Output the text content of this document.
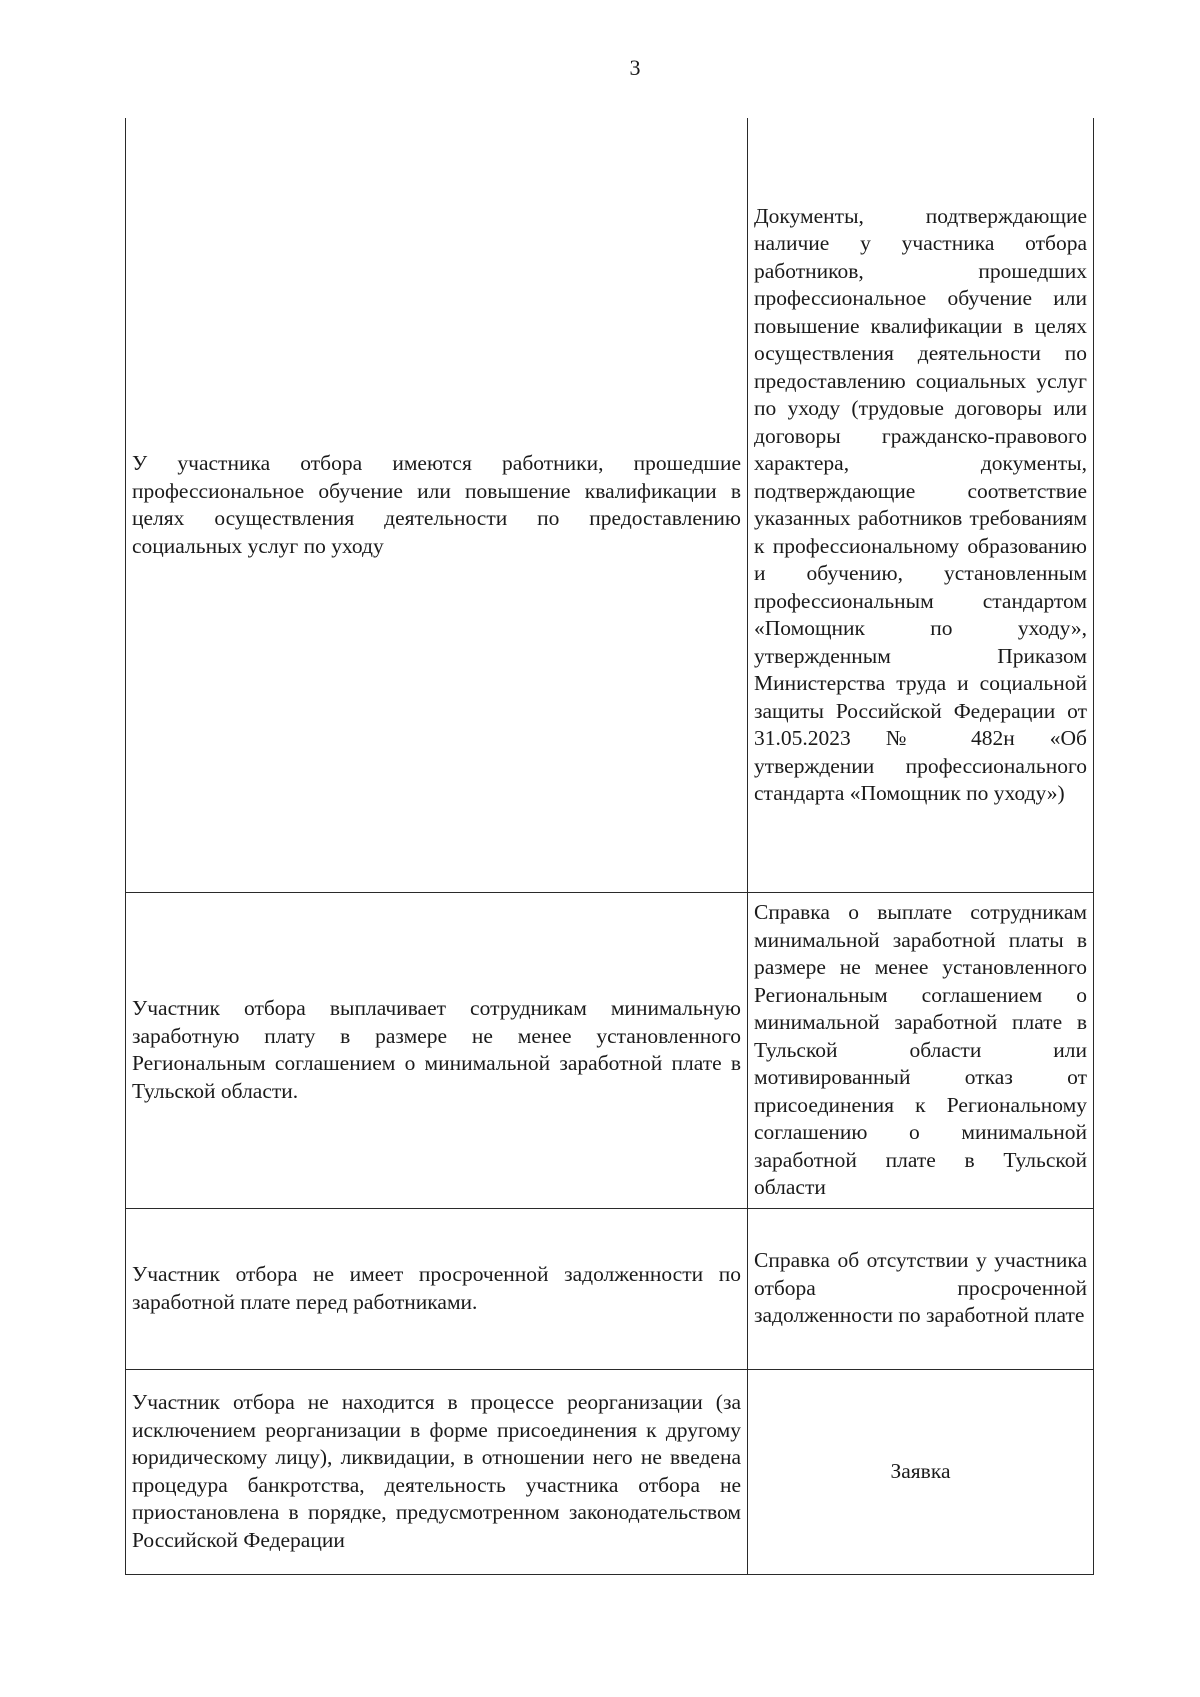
3
У участника отбора имеются работники, прошедшие профессиональное обучение или повышение квалификации в целях осуществления деятельности по предоставлению социальных услуг по уходу	Документы, подтверждающие наличие у участника отбора работников, прошедших профессиональное обучение или повышение квалификации в целях осуществления деятельности по предоставлению социальных услуг по уходу (трудовые договоры или договоры гражданско-правового характера, документы, подтверждающие соответствие указанных работников требованиям к профессиональному образованию и обучению, установленным профессиональным стандартом «Помощник по уходу», утвержденным Приказом Министерства труда и социальной защиты Российской Федерации от 31.05.2023 № 482н «Об утверждении профессионального стандарта «Помощник по уходу»)
Участник отбора выплачивает сотрудникам минимальную заработную плату в размере не менее установленного Региональным соглашением о минимальной заработной плате в Тульской области.	Справка о выплате сотрудникам минимальной заработной платы в размере не менее установленного Региональным соглашением о минимальной заработной плате в Тульской области или мотивированный отказ от присоединения к Региональному соглашению о минимальной заработной плате в Тульской области
Участник отбора не имеет просроченной задолженности по заработной плате перед работниками.	Справка об отсутствии у участника отбора просроченной задолженности по заработной плате
Участник отбора не находится в процессе реорганизации (за исключением реорганизации в форме присоединения к другому юридическому лицу), ликвидации, в отношении него не введена процедура банкротства, деятельность участника отбора не приостановлена в порядке, предусмотренном законодательством Российской Федерации	Заявка
